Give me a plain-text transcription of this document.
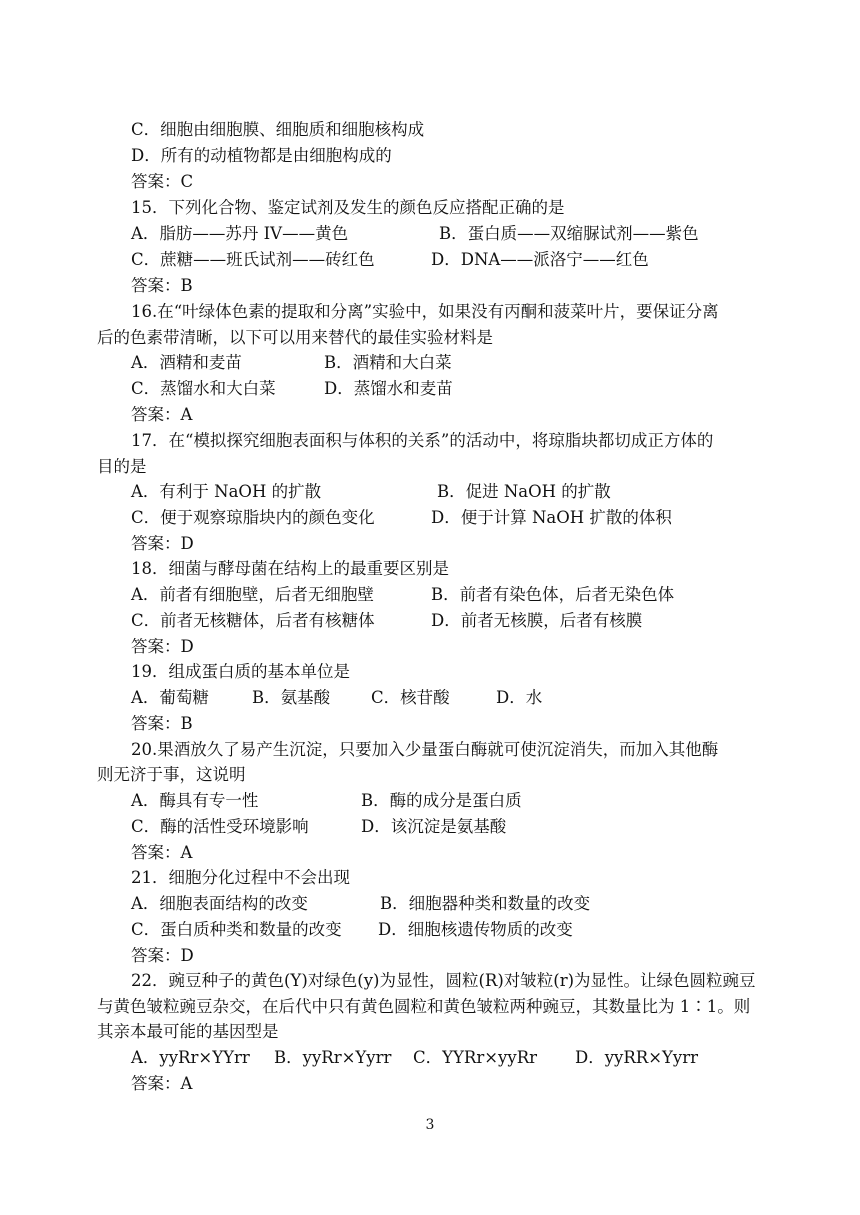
C．细胞由细胞膜、细胞质和细胞核构成
D．所有的动植物都是由细胞构成的
答案：C
15．下列化合物、鉴定试剂及发生的颜色反应搭配正确的是
A．脂肪——苏丹 IV——黄色	B．蛋白质——双缩脲试剂——紫色
C．蔗糖——班氏试剂——砖红色	D．DNA——派洛宁——红色
答案：B
16.在“叶绿体色素的提取和分离”实验中，如果没有丙酮和菠菜叶片，要保证分离
后的色素带清晰，以下可以用来替代的最佳实验材料是
A．酒精和麦苗	B．酒精和大白菜
C．蒸馏水和大白菜	D．蒸馏水和麦苗
答案：A
17．在“模拟探究细胞表面积与体积的关系”的活动中，将琼脂块都切成正方体的
目的是
A．有利于 NaOH 的扩散	B．促进 NaOH 的扩散
C．便于观察琼脂块内的颜色变化	D．便于计算 NaOH 扩散的体积
答案：D
18．细菌与酵母菌在结构上的最重要区别是
A．前者有细胞壁，后者无细胞壁	B．前者有染色体，后者无染色体
C．前者无核糖体，后者有核糖体	D．前者无核膜，后者有核膜
答案：D
19．组成蛋白质的基本单位是
A．葡萄糖	B．氨基酸 C．核苷酸	D．水
答案：B
20.果酒放久了易产生沉淀，只要加入少量蛋白酶就可使沉淀消失，而加入其他酶
则无济于事，这说明
A．酶具有专一性	B．酶的成分是蛋白质
C．酶的活性受环境影响	D．该沉淀是氨基酸
答案：A
21．细胞分化过程中不会出现
A．细胞表面结构的改变	B．细胞器种类和数量的改变
C．蛋白质种类和数量的改变 D．细胞核遗传物质的改变
答案：D
22．豌豆种子的黄色(Y)对绿色(y)为显性，圆粒(R)对皱粒(r)为显性。让绿色圆粒豌豆
与黄色皱粒豌豆杂交，在后代中只有黄色圆粒和黄色皱粒两种豌豆，其数量比为 1∶1。则
其亲本最可能的基因型是
A．yyRr×YYrr B．yyRr×Yyrr C．YYRr×yyRr D．yyRR×Yyrr
答案：A
3
